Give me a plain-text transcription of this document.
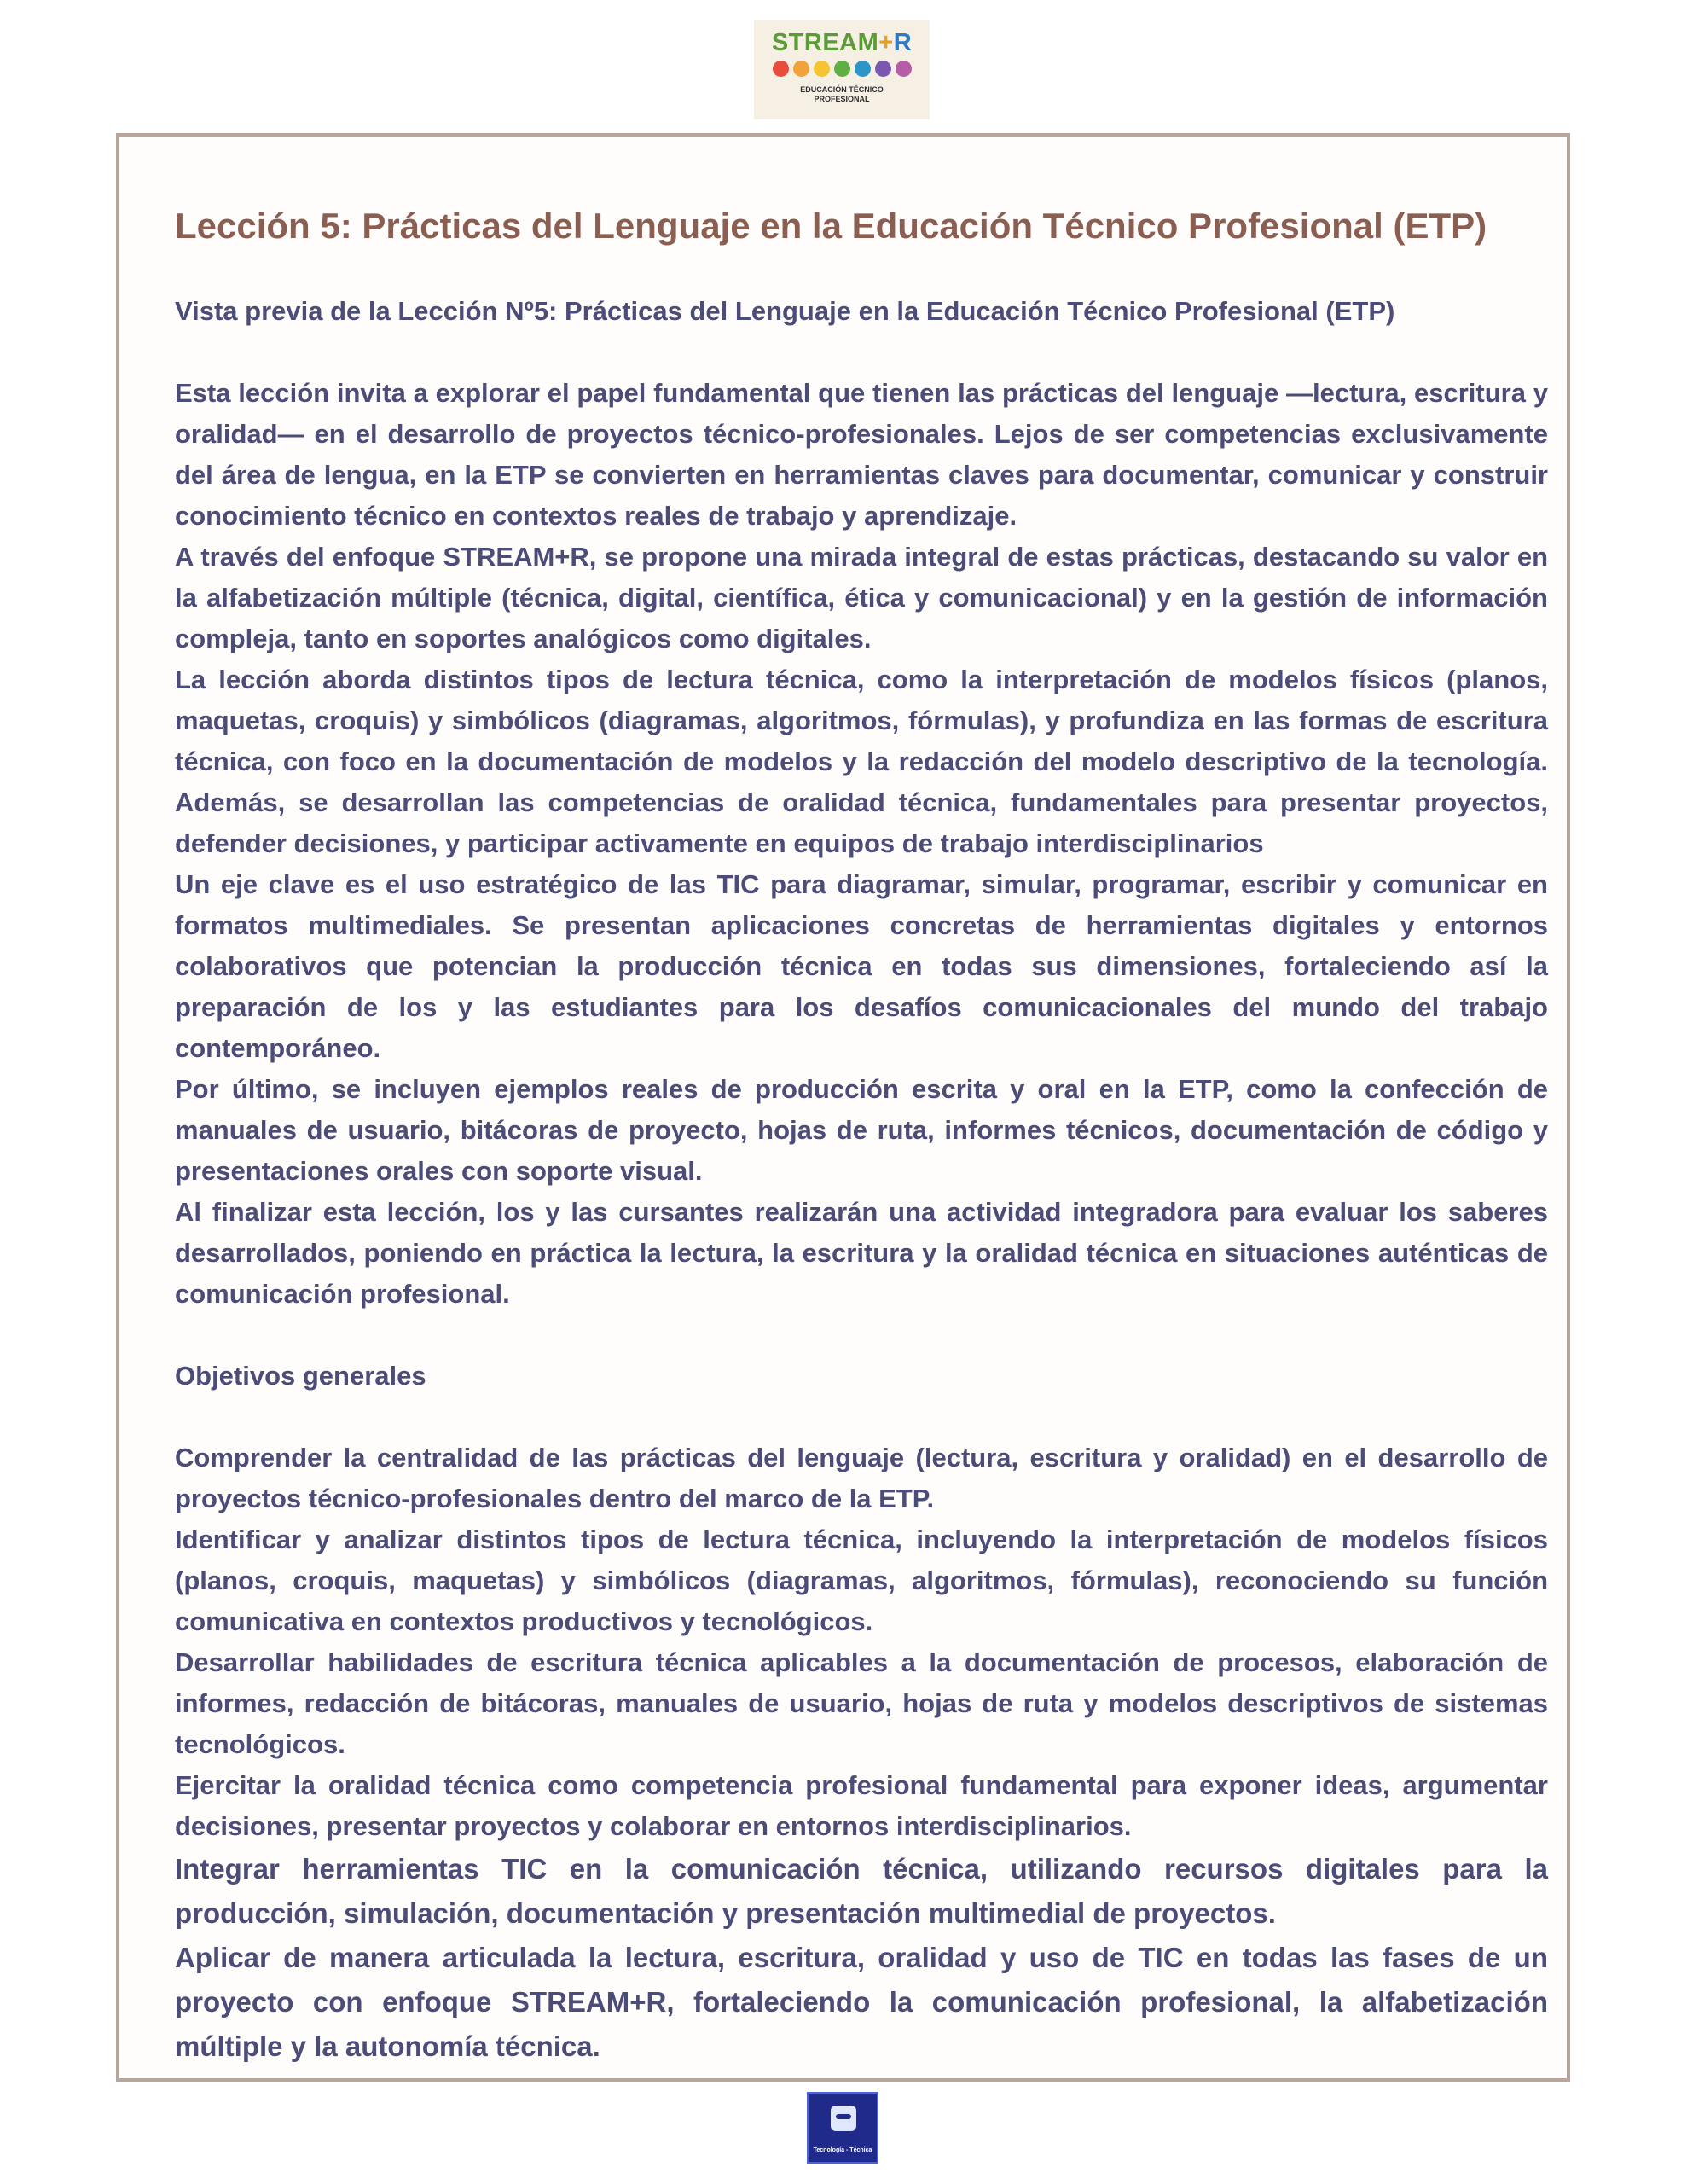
STREAM+R
EDUCACIÓN TÉCNICO
PROFESIONAL
Lección 5: Prácticas del Lenguaje en la Educación Técnico Profesional (ETP)

Vista previa de la Lección Nº5: Prácticas del Lenguaje en la Educación Técnico Profesional (ETP)

Esta lección invita a explorar el papel fundamental que tienen las prácticas del lenguaje —lectura, escritura y oralidad— en el desarrollo de proyectos técnico-profesionales. Lejos de ser competencias exclusivamente del área de lengua, en la ETP se convierten en herramientas claves para documentar, comunicar y construir conocimiento técnico en contextos reales de trabajo y aprendizaje.

A través del enfoque STREAM+R, se propone una mirada integral de estas prácticas, destacando su valor en la alfabetización múltiple (técnica, digital, científica, ética y comunicacional) y en la gestión de información compleja, tanto en soportes analógicos como digitales.

La lección aborda distintos tipos de lectura técnica, como la interpretación de modelos físicos (planos, maquetas, croquis) y simbólicos (diagramas, algoritmos, fórmulas), y profundiza en las formas de escritura técnica, con foco en la documentación de modelos y la redacción del modelo descriptivo de la tecnología. Además, se desarrollan las competencias de oralidad técnica, fundamentales para presentar proyectos, defender decisiones, y participar activamente en equipos de trabajo interdisciplinarios

Un eje clave es el uso estratégico de las TIC para diagramar, simular, programar, escribir y comunicar en formatos multimediales. Se presentan aplicaciones concretas de herramientas digitales y entornos colaborativos que potencian la producción técnica en todas sus dimensiones, fortaleciendo así la preparación de los y las estudiantes para los desafíos comunicacionales del mundo del trabajo contemporáneo.

Por último, se incluyen ejemplos reales de producción escrita y oral en la ETP, como la confección de manuales de usuario, bitácoras de proyecto, hojas de ruta, informes técnicos, documentación de código y presentaciones orales con soporte visual.

Al finalizar esta lección, los y las cursantes realizarán una actividad integradora para evaluar los saberes desarrollados, poniendo en práctica la lectura, la escritura y la oralidad técnica en situaciones auténticas de comunicación profesional.

Objetivos generales

Comprender la centralidad de las prácticas del lenguaje (lectura, escritura y oralidad) en el desarrollo de proyectos técnico-profesionales dentro del marco de la ETP.

Identificar y analizar distintos tipos de lectura técnica, incluyendo la interpretación de modelos físicos (planos, croquis, maquetas) y simbólicos (diagramas, algoritmos, fórmulas), reconociendo su función comunicativa en contextos productivos y tecnológicos.

Desarrollar habilidades de escritura técnica aplicables a la documentación de procesos, elaboración de informes, redacción de bitácoras, manuales de usuario, hojas de ruta y modelos descriptivos de sistemas tecnológicos.

Ejercitar la oralidad técnica como competencia profesional fundamental para exponer ideas, argumentar decisiones, presentar proyectos y colaborar en entornos interdisciplinarios.

Integrar herramientas TIC en la comunicación técnica, utilizando recursos digitales para la producción, simulación, documentación y presentación multimedial de proyectos.

Aplicar de manera articulada la lectura, escritura, oralidad y uso de TIC en todas las fases de un proyecto con enfoque STREAM+R, fortaleciendo la comunicación profesional, la alfabetización múltiple y la autonomía técnica.

Tecnología - Técnica
